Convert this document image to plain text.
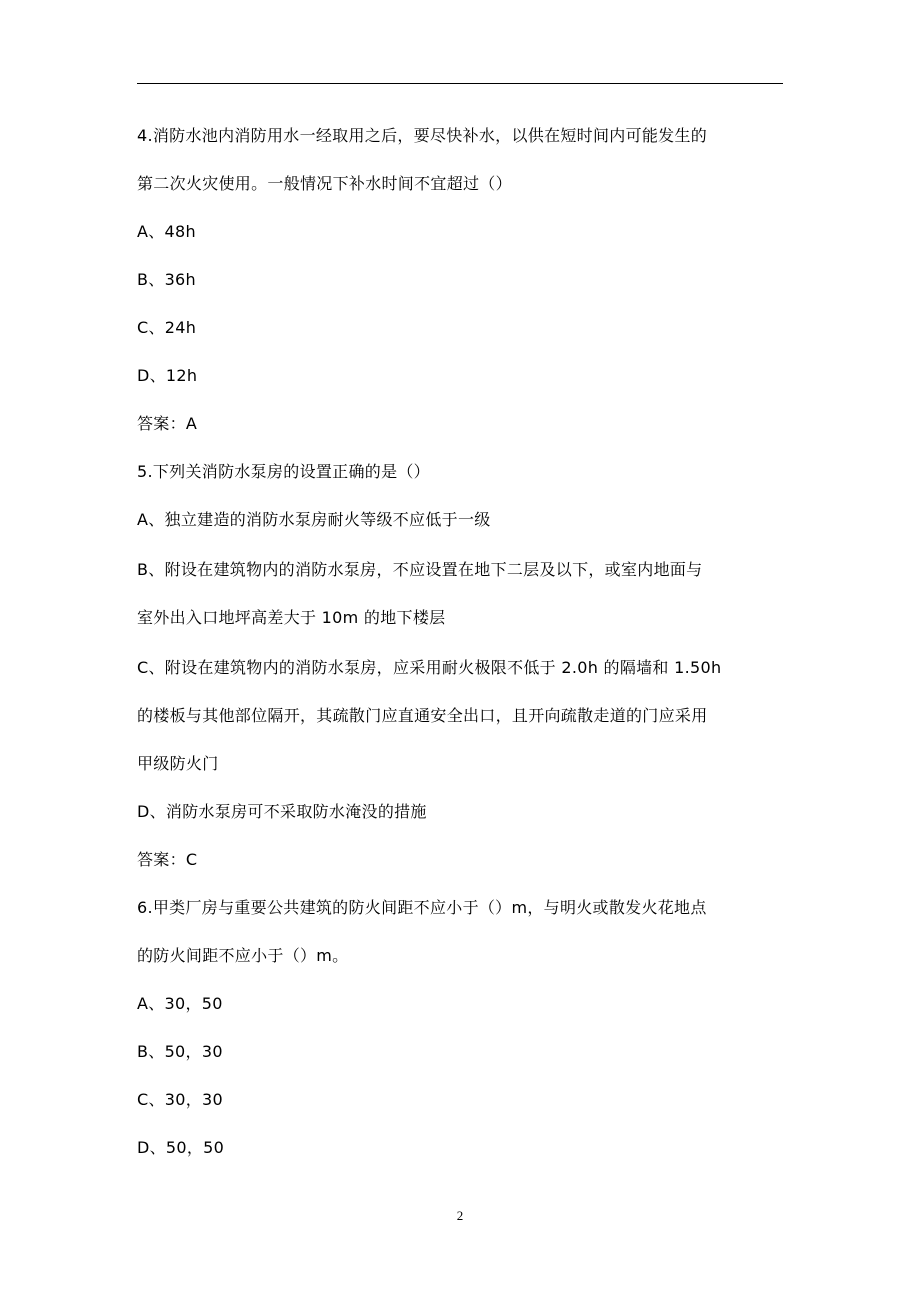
4.消防水池内消防用水一经取用之后，要尽快补水，以供在短时间内可能发生的
第二次火灾使用。一般情况下补水时间不宜超过（）
A、48h
B、36h
C、24h
D、12h
答案：A
5.下列关消防水泵房的设置正确的是（）
A、独立建造的消防水泵房耐火等级不应低于一级
B、附设在建筑物内的消防水泵房，不应设置在地下二层及以下，或室内地面与
室外出入口地坪高差大于 10m 的地下楼层
C、附设在建筑物内的消防水泵房，应采用耐火极限不低于 2.0h 的隔墙和 1.50h
的楼板与其他部位隔开，其疏散门应直通安全出口，且开向疏散走道的门应采用
甲级防火门
D、消防水泵房可不采取防水淹没的措施
答案：C
6.甲类厂房与重要公共建筑的防火间距不应小于（）m，与明火或散发火花地点
的防火间距不应小于（）m。
A、30，50
B、50，30
C、30，30
D、50，50
2
